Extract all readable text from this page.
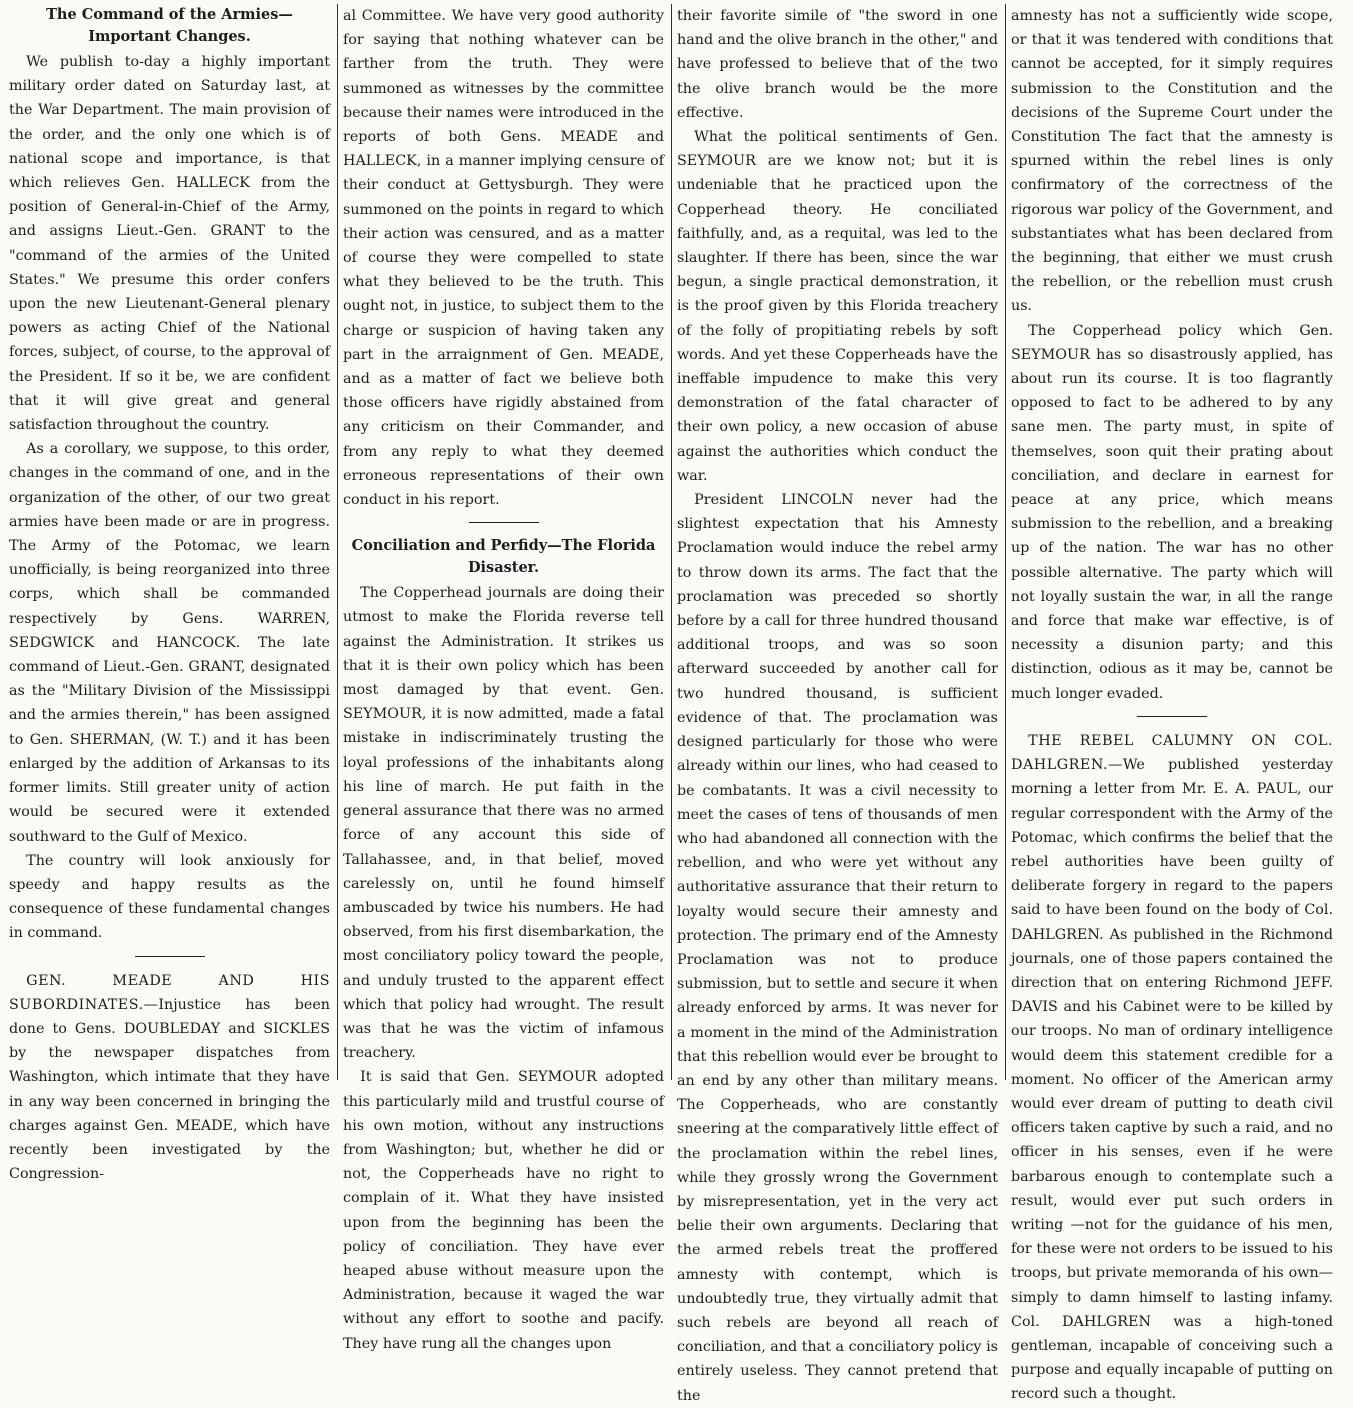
The Command of the Armies—Important Changes.

We publish to-day a highly important military order dated on Saturday last, at the War Department. The main provision of the order, and the only one which is of national scope and importance, is that which relieves Gen. HALLECK from the position of General-in-Chief of the Army, and assigns Lieut.-Gen. GRANT to the "command of the armies of the United States." We presume this order confers upon the new Lieutenant-General plenary powers as acting Chief of the National forces, subject, of course, to the approval of the President. If so it be, we are confident that it will give great and general satisfaction throughout the country.

As a corollary, we suppose, to this order, changes in the command of one, and in the organization of the other, of our two great armies have been made or are in progress. The Army of the Potomac, we learn unofficially, is being reorganized into three corps, which shall be commanded respectively by Gens. WARREN, SEDGWICK and HANCOCK. The late command of Lieut.-Gen. GRANT, designated as the "Military Division of the Mississippi and the armies therein," has been assigned to Gen. SHERMAN, (W. T.) and it has been enlarged by the addition of Arkansas to its former limits. Still greater unity of action would be secured were it extended southward to the Gulf of Mexico.

The country will look anxiously for speedy and happy results as the consequence of these fundamental changes in command.

GEN. MEADE AND HIS SUBORDINATES.—Injustice has been done to Gens. DOUBLEDAY and SICKLES by the newspaper dispatches from Washington, which intimate that they have in any way been concerned in bringing the charges against Gen. MEADE, which have recently been investigated by the Congression-

al Committee. We have very good authority for saying that nothing whatever can be farther from the truth. They were summoned as witnesses by the committee because their names were introduced in the reports of both Gens. MEADE and HALLECK, in a manner implying censure of their conduct at Gettysburgh. They were summoned on the points in regard to which their action was censured, and as a matter of course they were compelled to state what they believed to be the truth. This ought not, in justice, to subject them to the charge or suspicion of having taken any part in the arraignment of Gen. MEADE, and as a matter of fact we believe both those officers have rigidly abstained from any criticism on their Commander, and from any reply to what they deemed erroneous representations of their own conduct in his report.

Conciliation and Perfidy—The Florida Disaster.

The Copperhead journals are doing their utmost to make the Florida reverse tell against the Administration. It strikes us that it is their own policy which has been most damaged by that event. Gen. SEYMOUR, it is now admitted, made a fatal mistake in indiscriminately trusting the loyal professions of the inhabitants along his line of march. He put faith in the general assurance that there was no armed force of any account this side of Tallahassee, and, in that belief, moved carelessly on, until he found himself ambuscaded by twice his numbers. He had observed, from his first disembarkation, the most conciliatory policy toward the people, and unduly trusted to the apparent effect which that policy had wrought. The result was that he was the victim of infamous treachery.

It is said that Gen. SEYMOUR adopted this particularly mild and trustful course of his own motion, without any instructions from Washington; but, whether he did or not, the Copperheads have no right to complain of it. What they have insisted upon from the beginning has been the policy of conciliation. They have ever heaped abuse without measure upon the Administration, because it waged the war without any effort to soothe and pacify. They have rung all the changes upon

their favorite simile of "the sword in one hand and the olive branch in the other," and have professed to believe that of the two the olive branch would be the more effective.

What the political sentiments of Gen. SEYMOUR are we know not; but it is undeniable that he practiced upon the Copperhead theory. He conciliated faithfully, and, as a requital, was led to the slaughter. If there has been, since the war begun, a single practical demonstration, it is the proof given by this Florida treachery of the folly of propitiating rebels by soft words. And yet these Copperheads have the ineffable impudence to make this very demonstration of the fatal character of their own policy, a new occasion of abuse against the authorities which conduct the war.

President LINCOLN never had the slightest expectation that his Amnesty Proclamation would induce the rebel army to throw down its arms. The fact that the proclamation was preceded so shortly before by a call for three hundred thousand additional troops, and was so soon afterward succeeded by another call for two hundred thousand, is sufficient evidence of that. The proclamation was designed particularly for those who were already within our lines, who had ceased to be combatants. It was a civil necessity to meet the cases of tens of thousands of men who had abandoned all connection with the rebellion, and who were yet without any authoritative assurance that their return to loyalty would secure their amnesty and protection. The primary end of the Amnesty Proclamation was not to produce submission, but to settle and secure it when already enforced by arms. It was never for a moment in the mind of the Administration that this rebellion would ever be brought to an end by any other than military means. The Copperheads, who are constantly sneering at the comparatively little effect of the proclamation within the rebel lines, while they grossly wrong the Government by misrepresentation, yet in the very act belie their own arguments. Declaring that the armed rebels treat the proffered amnesty with contempt, which is undoubtedly true, they virtually admit that such rebels are beyond all reach of conciliation, and that a conciliatory policy is entirely useless. They cannot pretend that the

amnesty has not a sufficiently wide scope, or that it was tendered with conditions that cannot be accepted, for it simply requires submission to the Constitution and the decisions of the Supreme Court under the Constitution The fact that the amnesty is spurned within the rebel lines is only confirmatory of the correctness of the rigorous war policy of the Government, and substantiates what has been declared from the beginning, that either we must crush the rebellion, or the rebellion must crush us.

The Copperhead policy which Gen. SEYMOUR has so disastrously applied, has about run its course. It is too flagrantly opposed to fact to be adhered to by any sane men. The party must, in spite of themselves, soon quit their prating about conciliation, and declare in earnest for peace at any price, which means submission to the rebellion, and a breaking up of the nation. The war has no other possible alternative. The party which will not loyally sustain the war, in all the range and force that make war effective, is of necessity a disunion party; and this distinction, odious as it may be, cannot be much longer evaded.

THE REBEL CALUMNY ON COL. DAHLGREN.—We published yesterday morning a letter from Mr. E. A. PAUL, our regular correspondent with the Army of the Potomac, which confirms the belief that the rebel authorities have been guilty of deliberate forgery in regard to the papers said to have been found on the body of Col. DAHLGREN. As published in the Richmond journals, one of those papers contained the direction that on entering Richmond JEFF. DAVIS and his Cabinet were to be killed by our troops. No man of ordinary intelligence would deem this statement credible for a moment. No officer of the American army would ever dream of putting to death civil officers taken captive by such a raid, and no officer in his senses, even if he were barbarous enough to contemplate such a result, would ever put such orders in writing —not for the guidance of his men, for these were not orders to be issued to his troops, but private memoranda of his own—simply to damn himself to lasting infamy. Col. DAHLGREN was a high-toned gentleman, incapable of conceiving such a purpose and equally incapable of putting on record such a thought.
